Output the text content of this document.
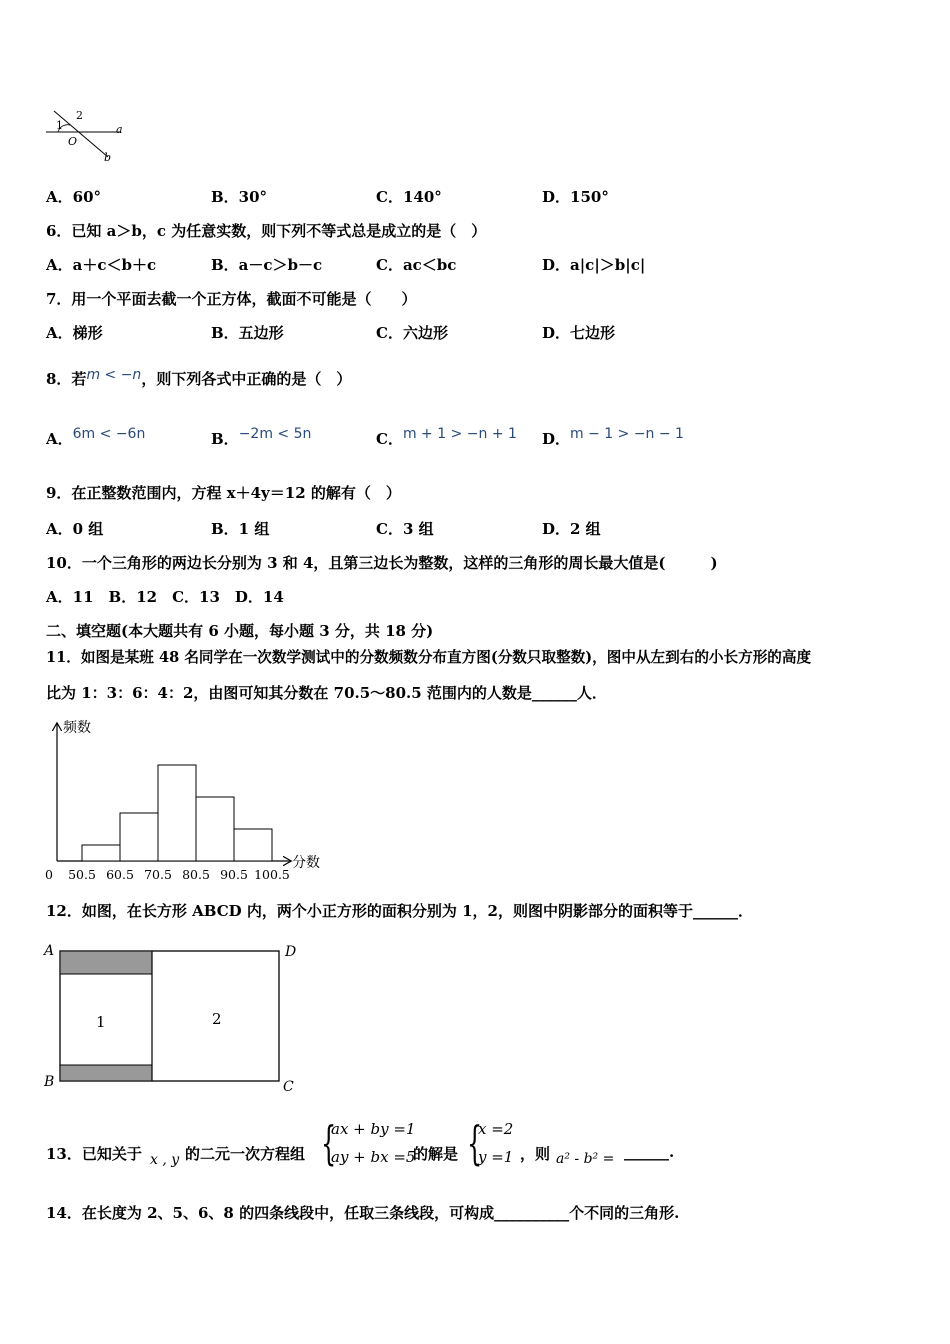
1
2
O
a
b
A．60°	B．30°	C．140°	D．150°
6．已知 a＞b，c 为任意实数，则下列不等式总是成立的是（　）
A．a＋c＜b＋c	B．a－c＞b－c	C．ac＜bc	D．a|c|＞b|c|
7．用一个平面去截一个正方体，截面不可能是（　　）
A．梯形	B．五边形	C．六边形	D．七边形
8．若m < −n，则下列各式中正确的是（　）
A．6m < −6n	B．−2m < 5n	C．m + 1 > −n + 1 D．m − 1 > −n − 1
9．在正整数范围内，方程 x＋4y＝12 的解有（　）
A．0 组	B．1 组	C．3 组	D．2 组
10．一个三角形的两边长分别为 3 和 4，且第三边长为整数，这样的三角形的周长最大值是(　　　)
A．11　B．12　C．13　D．14
二、填空题(本大题共有 6 小题，每小题 3 分，共 18 分)
11．如图是某班 48 名同学在一次数学测试中的分数频数分布直方图(分数只取整数)，图中从左到右的小长方形的高度
比为 1：3：6：4：2，由图可知其分数在 70.5～80.5 范围内的人数是______人．
频数
分数
0 50.5 60.5 70.5 80.5 90.5 100.5
12．如图，在长方形 ABCD 内，两个小正方形的面积分别为 1，2，则图中阴影部分的面积等于______．
A	D
B	C
1	2
13．已知关于 x , y 的二元一次方程组 {
ax + by =1
ay + bx =5
的解是 {
x =2
y =1 ，则 a² - b² = ______.
14．在长度为 2、5、6、8 的四条线段中，任取三条线段，可构成__________个不同的三角形.
